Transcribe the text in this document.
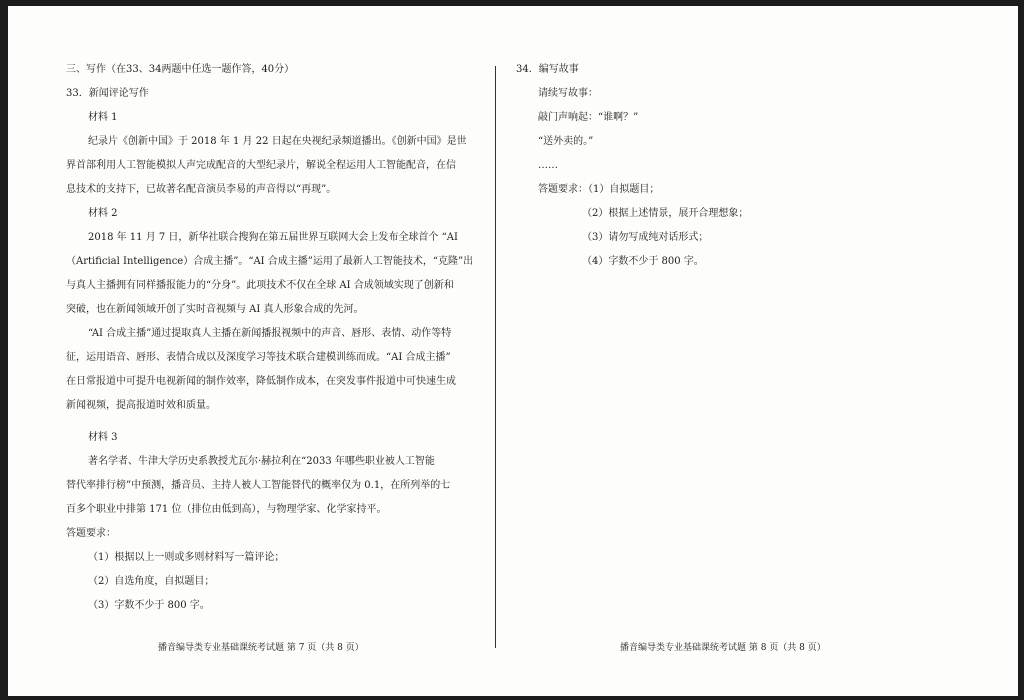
三、写作（在33、34两题中任选一题作答，40分）
33．新闻评论写作
材料 1
纪录片《创新中国》于 2018 年 1 月 22 日起在央视纪录频道播出。《创新中国》是世
界首部利用人工智能模拟人声完成配音的大型纪录片，解说全程运用人工智能配音，在信
息技术的支持下，已故著名配音演员李易的声音得以“再现”。
材料 2
2018 年 11 月 7 日，新华社联合搜狗在第五届世界互联网大会上发布全球首个 “AI
（Artificial Intelligence）合成主播”。“AI 合成主播”运用了最新人工智能技术，“克隆”出
与真人主播拥有同样播报能力的“分身”。此项技术不仅在全球 AI 合成领域实现了创新和
突破，也在新闻领域开创了实时音视频与 AI 真人形象合成的先河。
“AI 合成主播”通过提取真人主播在新闻播报视频中的声音、唇形、表情、动作等特
征，运用语音、唇形、表情合成以及深度学习等技术联合建模训练而成。“AI 合成主播”
在日常报道中可提升电视新闻的制作效率，降低制作成本，在突发事件报道中可快速生成
新闻视频，提高报道时效和质量。
材料 3
著名学者、牛津大学历史系教授尤瓦尔·赫拉利在“2033 年哪些职业被人工智能
替代率排行榜”中预测，播音员、主持人被人工智能替代的概率仅为 0.1，在所列举的七
百多个职业中排第 171 位（排位由低到高），与物理学家、化学家持平。
答题要求：
（1）根据以上一则或多则材料写一篇评论；
（2）自选角度，自拟题目；
（3）字数不少于 800 字。
播音编导类专业基础课统考试题 第 7 页（共 8 页）
34．编写故事
请续写故事：
敲门声响起：“谁啊？”
“送外卖的。”
……
答题要求：（1）自拟题目；
（2）根据上述情景，展开合理想象；
（3）请勿写成纯对话形式；
（4）字数不少于 800 字。
播音编导类专业基础课统考试题 第 8 页（共 8 页）
